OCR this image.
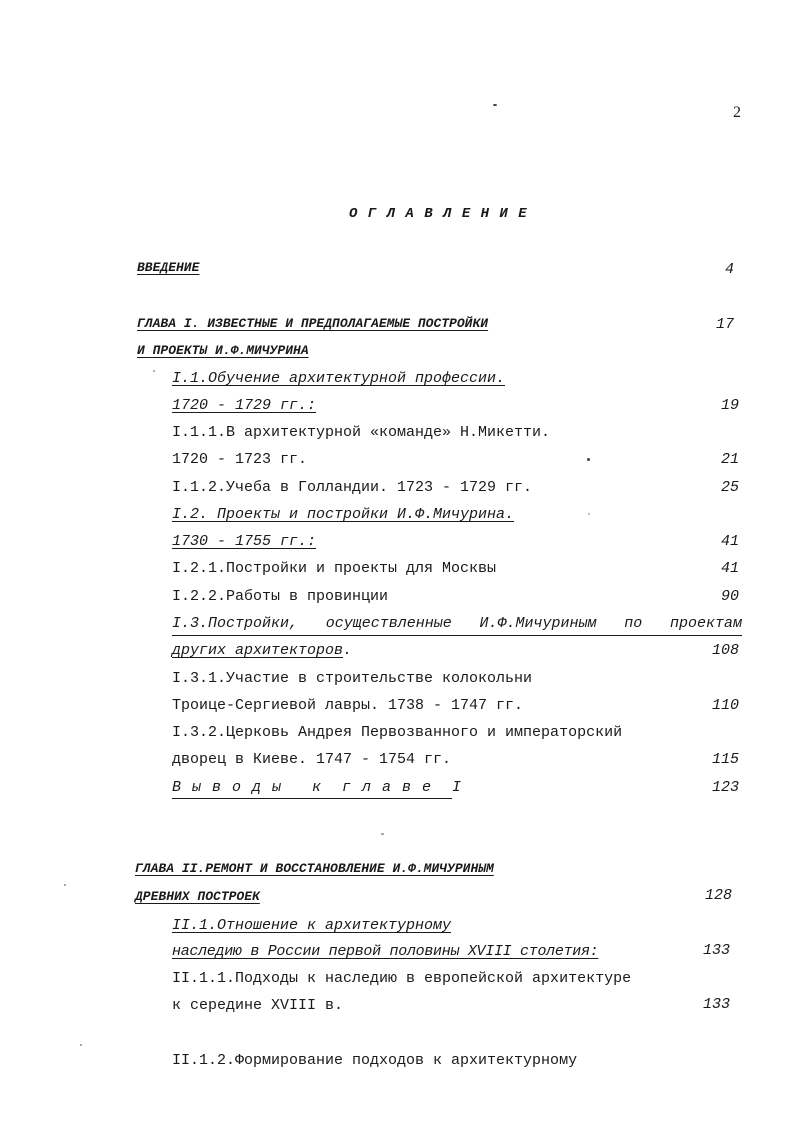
2
О Г Л А В Л Е Н И Е
ВВЕДЕНИЕ	4
ГЛАВА I. ИЗВЕСТНЫЕ И ПРЕДПОЛАГАЕМЫЕ ПОСТРОЙКИ	17
И ПРОЕКТЫ И.Ф.МИЧУРИНА
I.1.Обучение архитектурной профессии.
1720 - 1729 гг.:	19
I.1.1.В архитектурной «команде» Н.Микетти.
1720 - 1723 гг.	21
I.1.2.Учеба в Голландии. 1723 - 1729 гг.	25
I.2. Проекты и постройки И.Ф.Мичурина.
1730 - 1755 гг.:	41
I.2.1.Постройки и проекты для Москвы	41
I.2.2.Работы в провинции	90
I.3.Постройки, осуществленные И.Ф.Мичуриным по проектам
других архитекторов.	108
I.3.1.Участие в строительстве колокольни
Троице-Сергиевой лавры. 1738 - 1747 гг.	110
I.3.2.Церковь Андрея Первозванного и императорский
дворец в Киеве. 1747 - 1754 гг.	115
В ы в о д ы   к  г л а в е  I	123
ГЛАВА II.РЕМОНТ И ВОССТАНОВЛЕНИЕ И.Ф.МИЧУРИНЫМ
ДРЕВНИХ ПОСТРОЕК	128
II.1.Отношение к архитектурному
наследию в России первой половины XVIII столетия:	133
II.1.1.Подходы к наследию в европейской архитектуре
к середине XVIII в.	133
II.1.2.Формирование подходов к архитектурному
